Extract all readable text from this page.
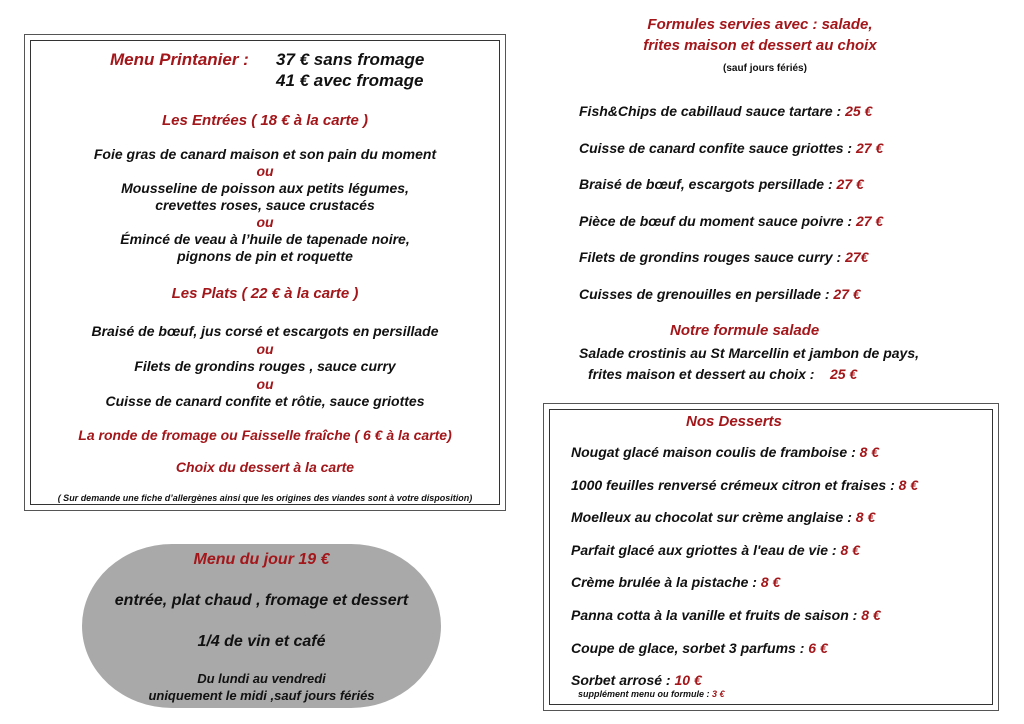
Menu Printanier : 37 € sans fromage
41 € avec fromage
Les Entrées ( 18 € à la carte )
Foie gras de canard maison et son pain du moment
ou
Mousseline de poisson aux petits légumes,
crevettes roses, sauce crustacés
ou
Émincé de veau à l’huile de tapenade noire,
pignons de pin et roquette
Les Plats ( 22 € à la carte )
Braisé de bœuf, jus corsé et escargots en persillade
ou
Filets de grondins rouges , sauce curry
ou
Cuisse de canard confite et rôtie, sauce griottes
La ronde de fromage ou Faisselle fraîche ( 6 € à la carte)
Choix du dessert à la carte
( Sur demande une fiche d’allergènes ainsi que les origines des viandes sont à votre disposition)
Menu du jour 19 €
entrée, plat chaud , fromage et dessert
1/4 de vin et café
Du lundi au vendredi
uniquement le midi ,sauf jours fériés
Formules servies avec : salade,
frites maison et dessert au choix
(sauf jours fériés)
Fish&Chips de cabillaud sauce tartare : 25 €
Cuisse de canard confite sauce griottes : 27 €
Braisé de bœuf, escargots persillade : 27 €
Pièce de bœuf du moment sauce poivre : 27 €
Filets de grondins rouges sauce curry : 27€
Cuisses de grenouilles en persillade : 27 €
Notre formule salade
Salade crostinis au St Marcellin et jambon de pays,
frites maison et dessert au choix : 25 €
Nos Desserts
Nougat glacé maison coulis de framboise : 8 €
1000 feuilles renversé crémeux citron et fraises : 8 €
Moelleux au chocolat sur crème anglaise : 8 €
Parfait glacé aux griottes à l'eau de vie : 8 €
Crème brulée à la pistache : 8 €
Panna cotta à la vanille et fruits de saison : 8 €
Coupe de glace, sorbet 3 parfums : 6 €
Sorbet arrosé : 10 €
supplément menu ou formule : 3 €
